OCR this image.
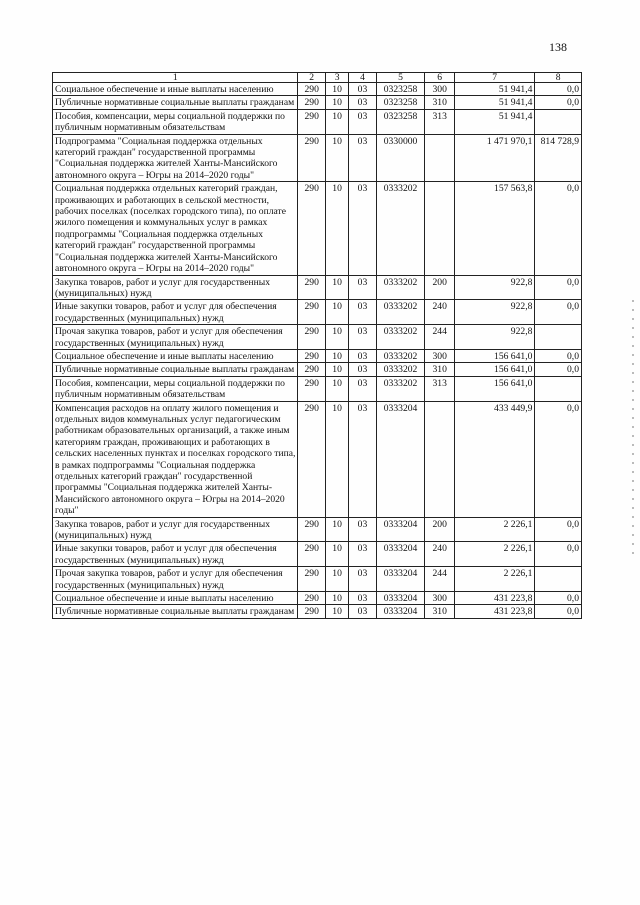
138
1	2	3	4	5	6	7	8
Социальное обеспечение и иные выплаты населению	290	10	03	0323258	300	51 941,4	0,0
Публичные нормативные социальные выплаты гражданам	290	10	03	0323258	310	51 941,4	0,0
Пособия, компенсации, меры социальной поддержки по публичным нормативным обязательствам	290	10	03	0323258	313	51 941,4	
Подпрограмма "Социальная поддержка отдельных категорий граждан" государственной программы "Социальная поддержка жителей Ханты-Мансийского автономного округа – Югры на 2014–2020 годы"	290	10	03	0330000		1 471 970,1	814 728,9
Социальная поддержка отдельных категорий граждан, проживающих и работающих в сельской местности, рабочих поселках (поселках городского типа), по оплате жилого помещения и коммунальных услуг в рамках подпрограммы "Социальная поддержка отдельных категорий граждан" государственной программы "Социальная поддержка жителей Ханты-Мансийского автономного округа – Югры на 2014–2020 годы"	290	10	03	0333202		157 563,8	0,0
Закупка товаров, работ и услуг для государственных (муниципальных) нужд	290	10	03	0333202	200	922,8	0,0
Иные закупки товаров, работ и услуг для обеспечения государственных (муниципальных) нужд	290	10	03	0333202	240	922,8	0,0
Прочая закупка товаров, работ и услуг для обеспечения государственных (муниципальных) нужд	290	10	03	0333202	244	922,8	
Социальное обеспечение и иные выплаты населению	290	10	03	0333202	300	156 641,0	0,0
Публичные нормативные социальные выплаты гражданам	290	10	03	0333202	310	156 641,0	0,0
Пособия, компенсации, меры социальной поддержки по публичным нормативным обязательствам	290	10	03	0333202	313	156 641,0	
Компенсация расходов на оплату жилого помещения и отдельных видов коммунальных услуг педагогическим работникам образовательных организаций, а также иным категориям граждан, проживающих и работающих в сельских населенных пунктах и поселках городского типа, в рамках подпрограммы "Социальная поддержка отдельных категорий граждан" государственной программы "Социальная поддержка жителей Ханты-Мансийского автономного округа – Югры на 2014–2020 годы"	290	10	03	0333204		433 449,9	0,0
Закупка товаров, работ и услуг для государственных (муниципальных) нужд	290	10	03	0333204	200	2 226,1	0,0
Иные закупки товаров, работ и услуг для обеспечения государственных (муниципальных) нужд	290	10	03	0333204	240	2 226,1	0,0
Прочая закупка товаров, работ и услуг для обеспечения государственных (муниципальных) нужд	290	10	03	0333204	244	2 226,1	
Социальное обеспечение и иные выплаты населению	290	10	03	0333204	300	431 223,8	0,0
Публичные нормативные социальные выплаты гражданам	290	10	03	0333204	310	431 223,8	0,0
